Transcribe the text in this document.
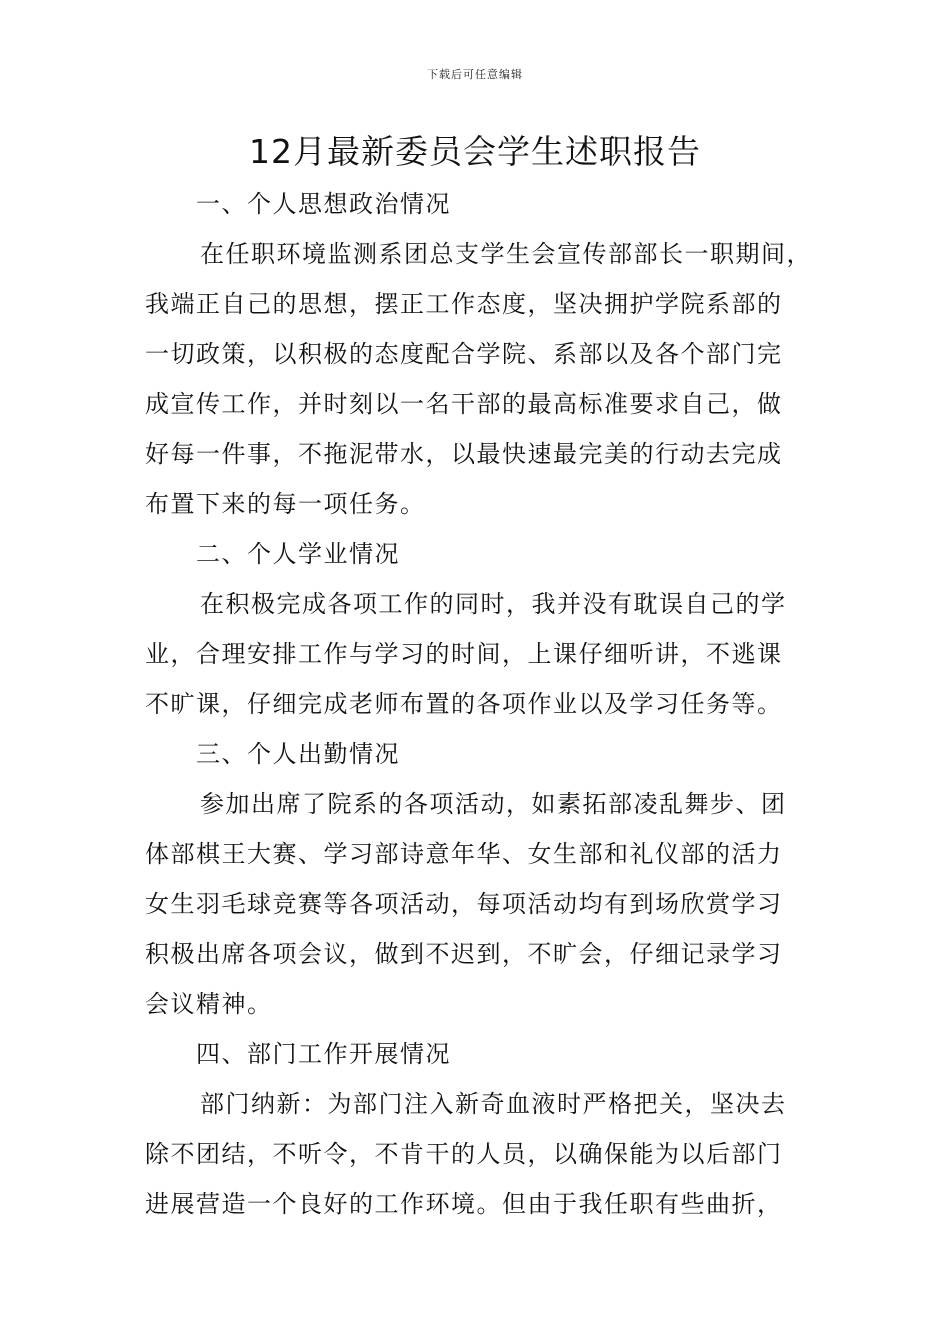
下载后可任意编辑
12月最新委员会学生述职报告
一、个人思想政治情况
在任职环境监测系团总支学生会宣传部部长一职期间，
我端正自己的思想，摆正工作态度，坚决拥护学院系部的
一切政策，以积极的态度配合学院、系部以及各个部门完
成宣传工作，并时刻以一名干部的最高标准要求自己，做
好每一件事，不拖泥带水，以最快速最完美的行动去完成
布置下来的每一项任务。
二、个人学业情况
在积极完成各项工作的同时，我并没有耽误自己的学
业，合理安排工作与学习的时间，上课仔细听讲，不逃课
不旷课，仔细完成老师布置的各项作业以及学习任务等。
三、个人出勤情况
参加出席了院系的各项活动，如素拓部凌乱舞步、团
体部棋王大赛、学习部诗意年华、女生部和礼仪部的活力
女生羽毛球竞赛等各项活动，每项活动均有到场欣赏学习
积极出席各项会议，做到不迟到，不旷会，仔细记录学习
会议精神。
四、部门工作开展情况
部门纳新：为部门注入新奇血液时严格把关，坚决去
除不团结，不听令，不肯干的人员，以确保能为以后部门
进展营造一个良好的工作环境。但由于我任职有些曲折，
